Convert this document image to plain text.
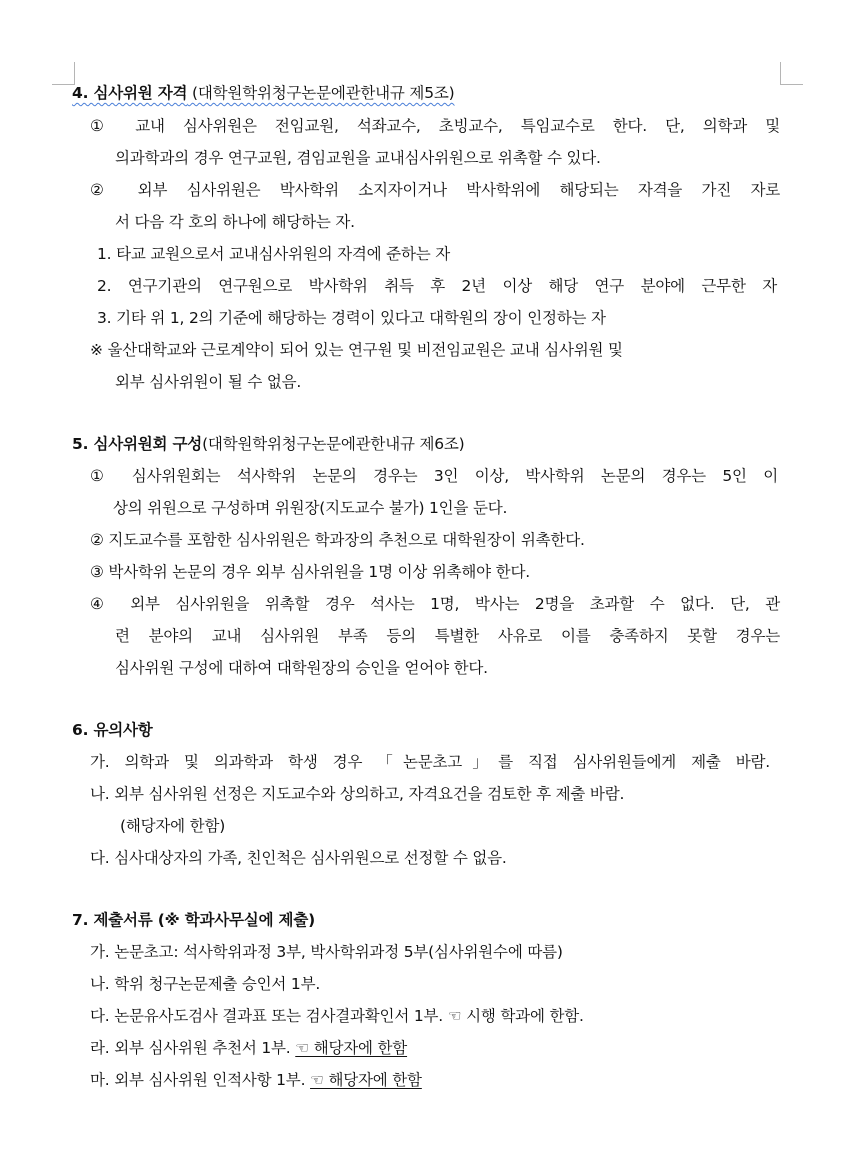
4. 심사위원 자격 (대학원학위청구논문에관한내규 제5조)
① 교내 심사위원은 전임교원, 석좌교수, 초빙교수, 특임교수로 한다. 단, 의학과 및
의과학과의 경우 연구교원, 겸임교원을 교내심사위원으로 위촉할 수 있다.
② 외부 심사위원은 박사학위 소지자이거나 박사학위에 해당되는 자격을 가진 자로
서 다음 각 호의 하나에 해당하는 자.
1. 타교 교원으로서 교내심사위원의 자격에 준하는 자
2. 연구기관의 연구원으로 박사학위 취득 후 2년 이상 해당 연구 분야에 근무한 자
3. 기타 위 1, 2의 기준에 해당하는 경력이 있다고 대학원의 장이 인정하는 자
※ 울산대학교와 근로계약이 되어 있는 연구원 및 비전임교원은 교내 심사위원 및
외부 심사위원이 될 수 없음.
5. 심사위원회 구성(대학원학위청구논문에관한내규 제6조)
① 심사위원회는 석사학위 논문의 경우는 3인 이상, 박사학위 논문의 경우는 5인 이
상의 위원으로 구성하며 위원장(지도교수 불가) 1인을 둔다.
② 지도교수를 포함한 심사위원은 학과장의 추천으로 대학원장이 위촉한다.
③ 박사학위 논문의 경우 외부 심사위원을 1명 이상 위촉해야 한다.
④ 외부 심사위원을 위촉할 경우 석사는 1명, 박사는 2명을 초과할 수 없다. 단, 관
련 분야의 교내 심사위원 부족 등의 특별한 사유로 이를 충족하지 못할 경우는
심사위원 구성에 대하여 대학원장의 승인을 얻어야 한다.
6. 유의사항
가. 의학과 및 의과학과 학생 경우 「논문초고」를 직접 심사위원들에게 제출 바람.
나. 외부 심사위원 선정은 지도교수와 상의하고, 자격요건을 검토한 후 제출 바람.
(해당자에 한함)
다. 심사대상자의 가족, 친인척은 심사위원으로 선정할 수 없음.
7. 제출서류 (※ 학과사무실에 제출)
가. 논문초고: 석사학위과정 3부, 박사학위과정 5부(심사위원수에 따름)
나. 학위 청구논문제출 승인서 1부.
다. 논문유사도검사 결과표 또는 검사결과확인서 1부. ☜ 시행 학과에 한함.
라. 외부 심사위원 추천서 1부. ☜ 해당자에 한함
마. 외부 심사위원 인적사항 1부. ☜ 해당자에 한함
